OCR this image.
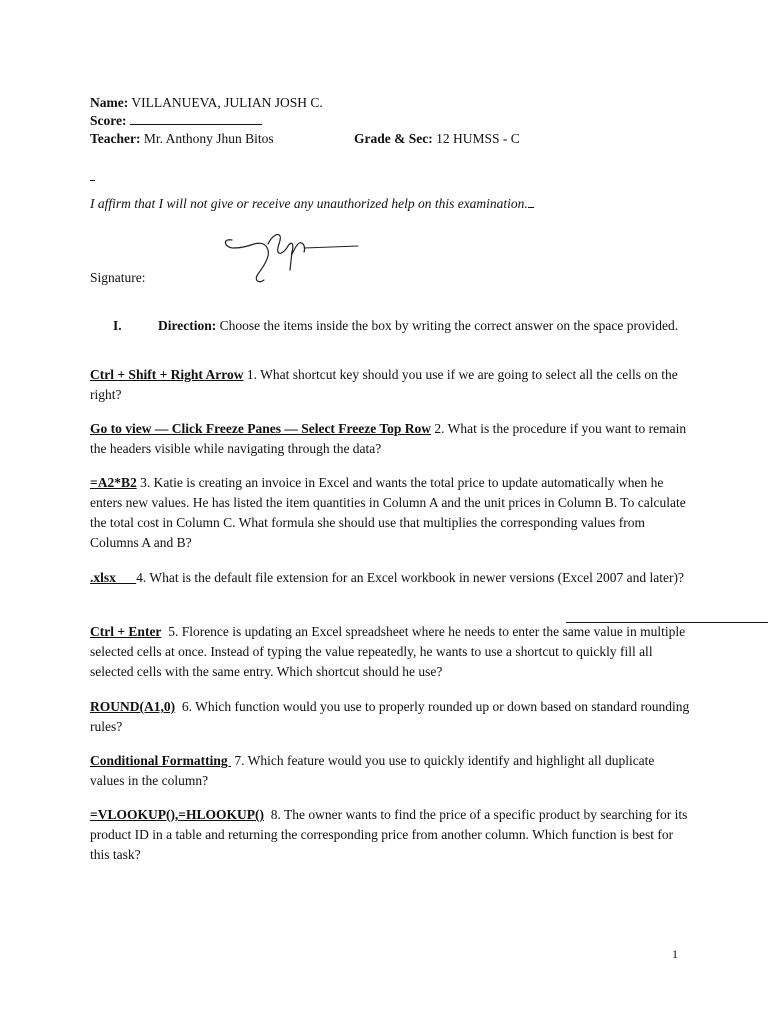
Name: VILLANUEVA, JULIAN JOSH C.
Score:
Teacher: Mr. Anthony Jhun Bitos	Grade & Sec: 12 HUMSS - C
I affirm that I will not give or receive any unauthorized help on this examination.
Signature:
I.	Direction: Choose the items inside the box by writing the correct answer on the space provided.
Ctrl + Shift + Right Arrow 1. What shortcut key should you use if we are going to select all the cells on the right?
Go to view — Click Freeze Panes — Select Freeze Top Row 2. What is the procedure if you want to remain the headers visible while navigating through the data?
=A2*B2 3. Katie is creating an invoice in Excel and wants the total price to update automatically when he enters new values. He has listed the item quantities in Column A and the unit prices in Column B. To calculate the total cost in Column C. What formula she should use that multiplies the corresponding values from Columns A and B?
.xlsx      4. What is the default file extension for an Excel workbook in newer versions (Excel 2007 and later)?
Ctrl + Enter  5. Florence is updating an Excel spreadsheet where he needs to enter the same value in multiple selected cells at once. Instead of typing the value repeatedly, he wants to use a shortcut to quickly fill all selected cells with the same entry. Which shortcut should he use?
ROUND(A1,0)  6. Which function would you use to properly rounded up or down based on standard rounding rules?
Conditional Formatting  7. Which feature would you use to quickly identify and highlight all duplicate values in the column?
=VLOOKUP(),=HLOOKUP()  8. The owner wants to find the price of a specific product by searching for its product ID in a table and returning the corresponding price from another column. Which function is best for this task?
1
